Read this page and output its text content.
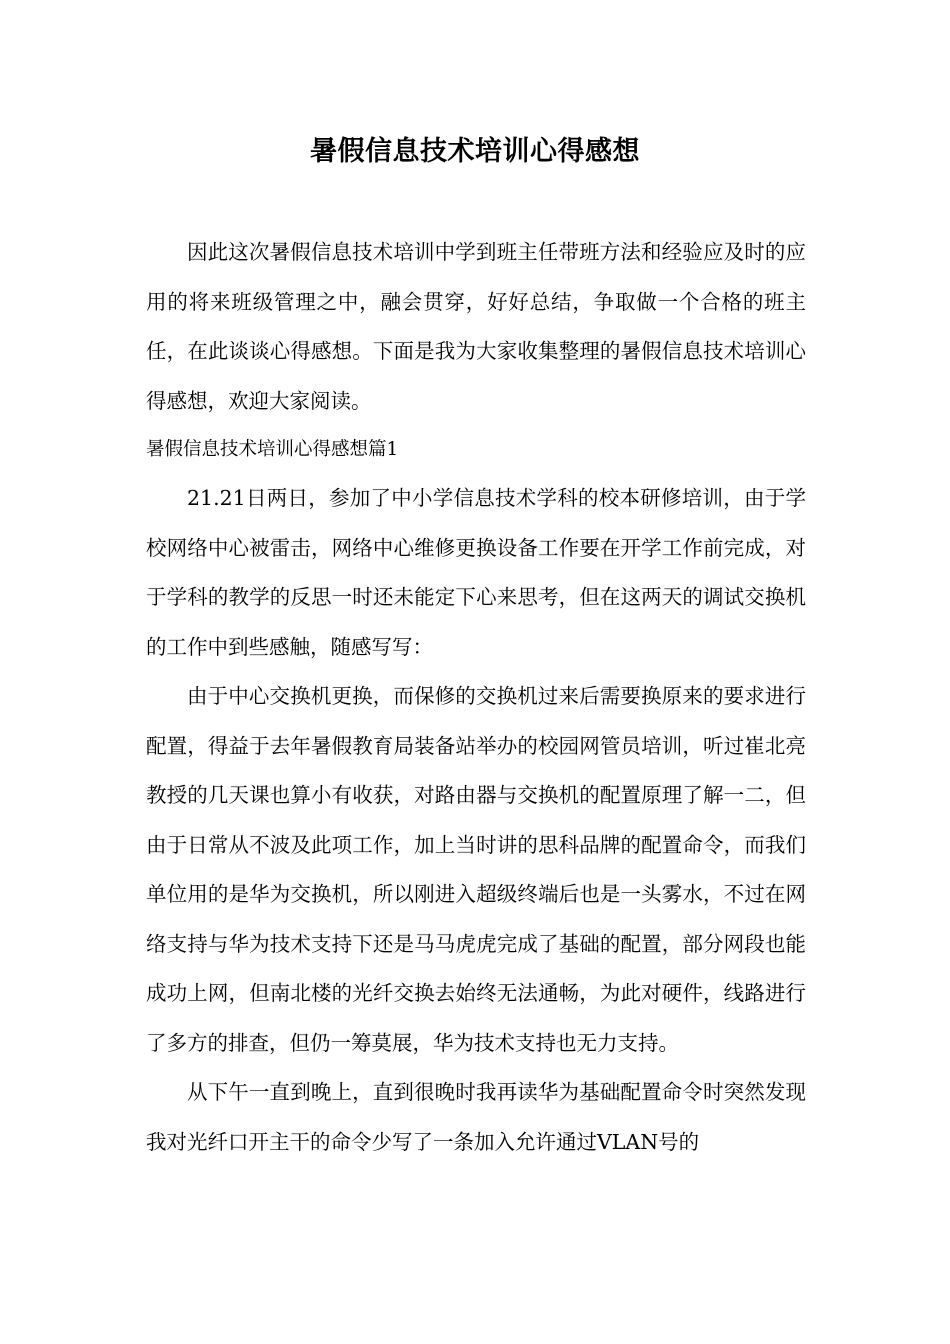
暑假信息技术培训心得感想

因此这次暑假信息技术培训中学到班主任带班方法和经验应及时的应用的将来班级管理之中，融会贯穿，好好总结，争取做一个合格的班主任，在此谈谈心得感想。下面是我为大家收集整理的暑假信息技术培训心得感想，欢迎大家阅读。

暑假信息技术培训心得感想篇1

21.21日两日，参加了中小学信息技术学科的校本研修培训，由于学校网络中心被雷击，网络中心维修更换设备工作要在开学工作前完成，对于学科的教学的反思一时还未能定下心来思考，但在这两天的调试交换机的工作中到些感触，随感写写：

由于中心交换机更换，而保修的交换机过来后需要换原来的要求进行配置，得益于去年暑假教育局装备站举办的校园网管员培训，听过崔北亮教授的几天课也算小有收获，对路由器与交换机的配置原理了解一二，但由于日常从不波及此项工作，加上当时讲的思科品牌的配置命令，而我们单位用的是华为交换机，所以刚进入超级终端后也是一头雾水，不过在网络支持与华为技术支持下还是马马虎虎完成了基础的配置，部分网段也能成功上网，但南北楼的光纤交换去始终无法通畅，为此对硬件，线路进行了多方的排查，但仍一筹莫展，华为技术支持也无力支持。

从下午一直到晚上，直到很晚时我再读华为基础配置命令时突然发现我对光纤口开主干的命令少写了一条加入允许通过VLAN号的
